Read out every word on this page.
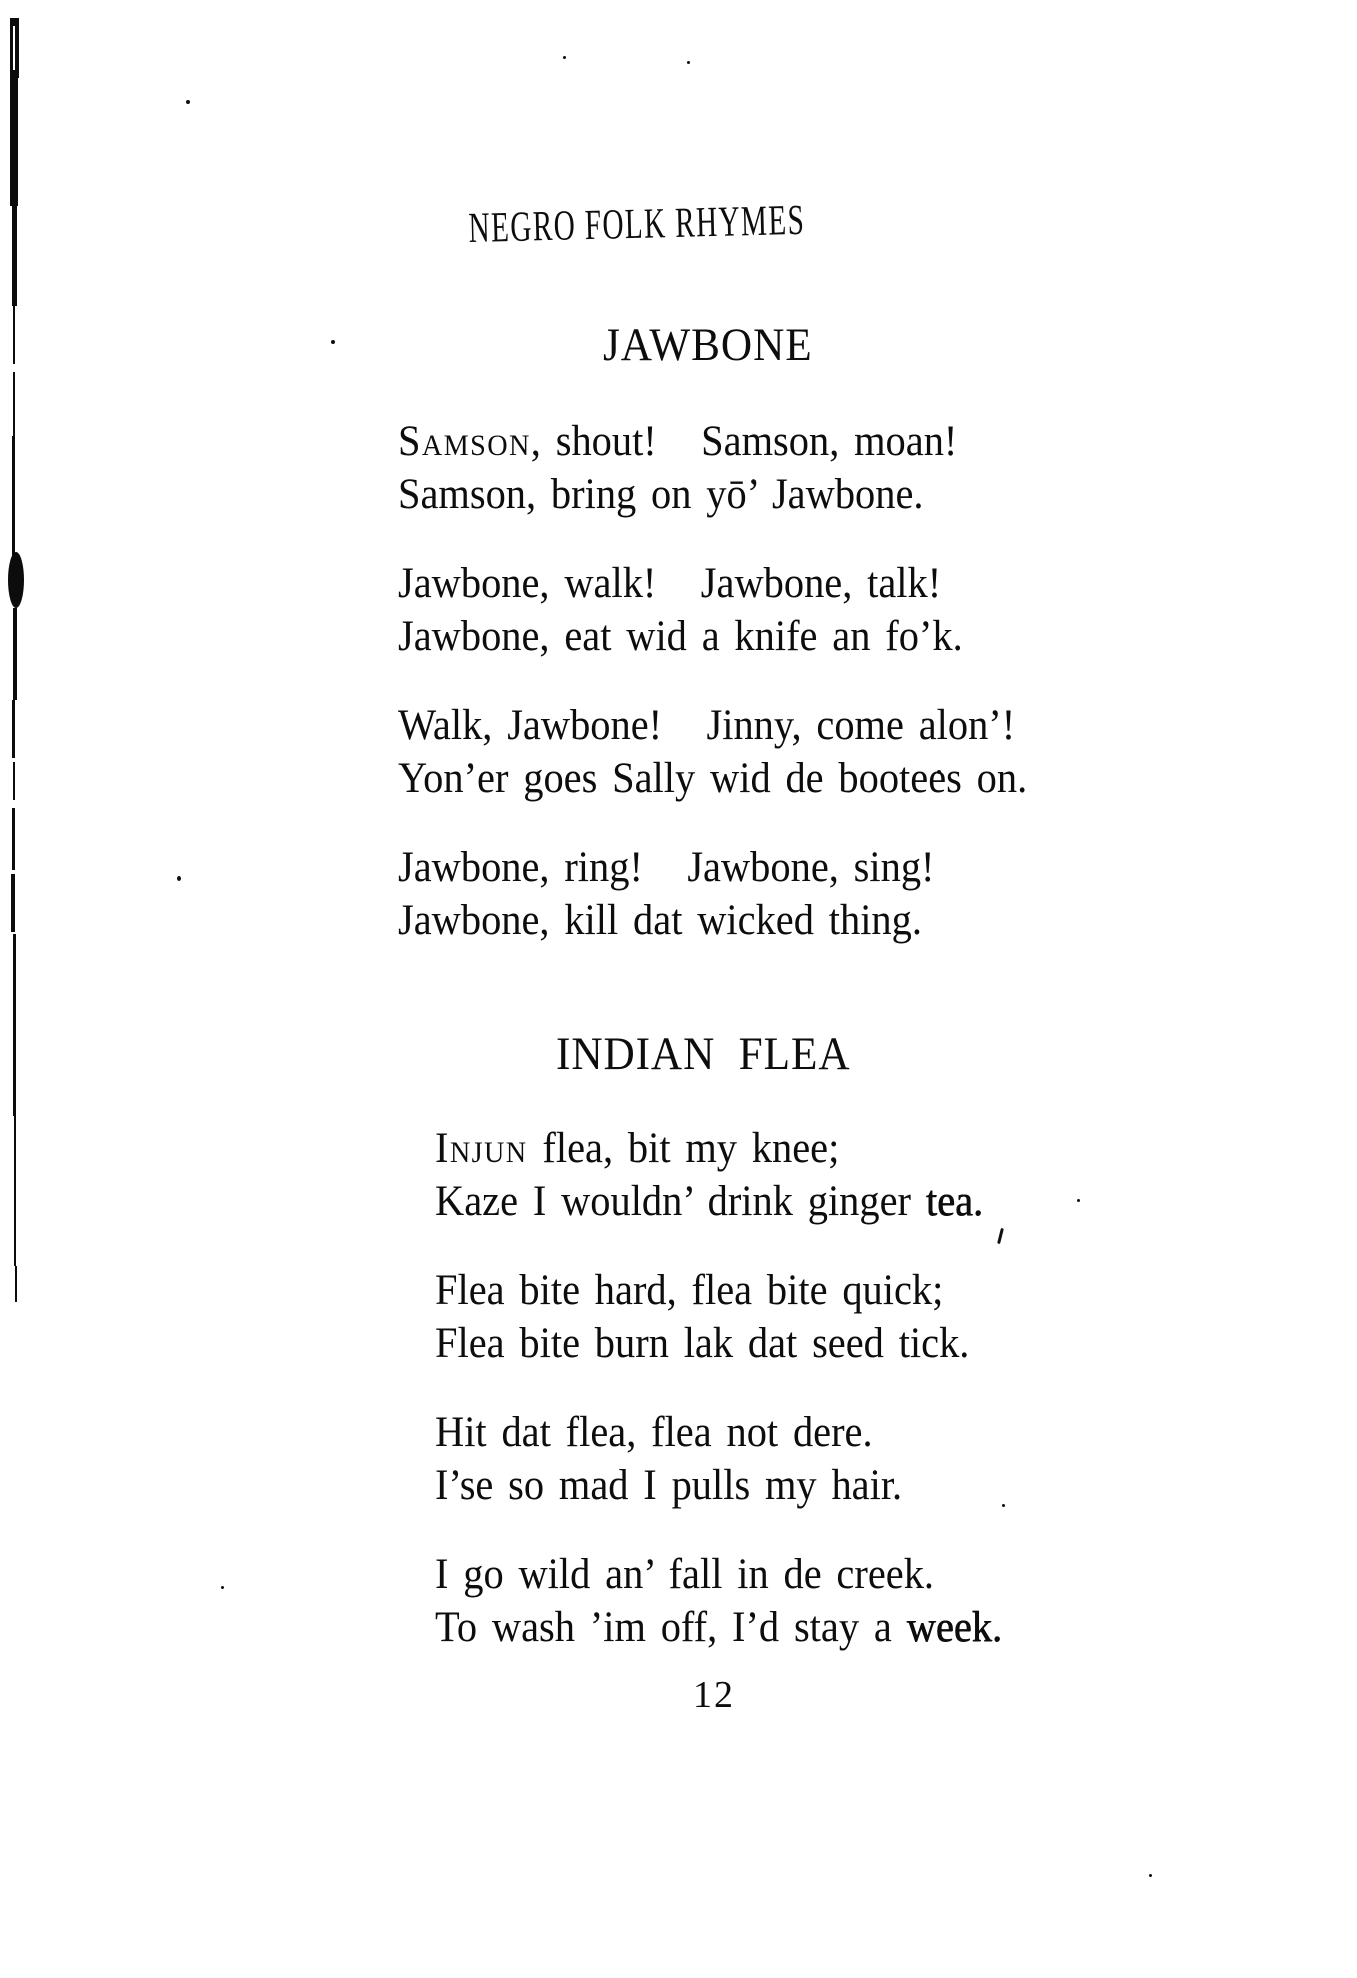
NEGRO FOLK RHYMES
JAWBONE
Samson, shout!   Samson, moan!
Samson, bring on yō’ Jawbone.
Jawbone, walk!   Jawbone, talk!
Jawbone, eat wid a knife an fo’k.
Walk, Jawbone!   Jinny, come alon’!
Yon’er goes Sally wid de bootees on.
Jawbone, ring!   Jawbone, sing!
Jawbone, kill dat wicked thing.
INDIAN  FLEA
Injun flea, bit my knee;
Kaze I wouldn’ drink ginger tea.
Flea bite hard, flea bite quick;
Flea bite burn lak dat seed tick.
Hit dat flea, flea not dere.
I’se so mad I pulls my hair.
I go wild an’ fall in de creek.
To wash ’im off, I’d stay a week.
12
